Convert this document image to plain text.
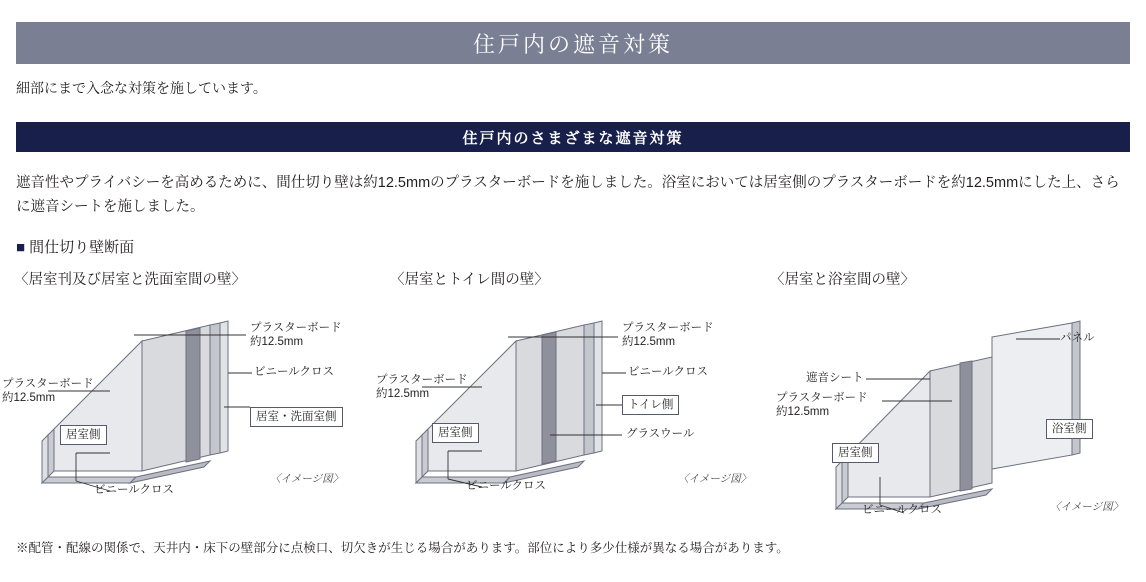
住戸内の遮音対策
細部にまで入念な対策を施しています。
住戸内のさまざまな遮音対策
遮音性やプライバシーを高めるために、間仕切り壁は約12.5mmのプラスターボードを施しました。浴室においては居室側のプラスターボードを約12.5mmにした上、さらに遮音シートを施しました。
■ 間仕切り壁断面
〈居室刊及び居室と洗面室間の壁〉
プラスターボード
約12.5mm
ビニールクロス
居室・洗面室側
プラスターボード
約12.5mm
居室側
ビニールクロス
〈イメージ図〉
〈居室とトイレ間の壁〉
プラスターボード
約12.5mm
ビニールクロス
トイレ側
グラスウール
プラスターボード
約12.5mm
居室側
ビニールクロス
〈イメージ図〉
〈居室と浴室間の壁〉
パネル
遮音シート
プラスターボード
約12.5mm
居室側
浴室側
ビニールクロス	〈イメージ図〉
※配管・配線の関係で、天井内・床下の壁部分に点検口、切欠きが生じる場合があります。部位により多少仕様が異なる場合があります。
